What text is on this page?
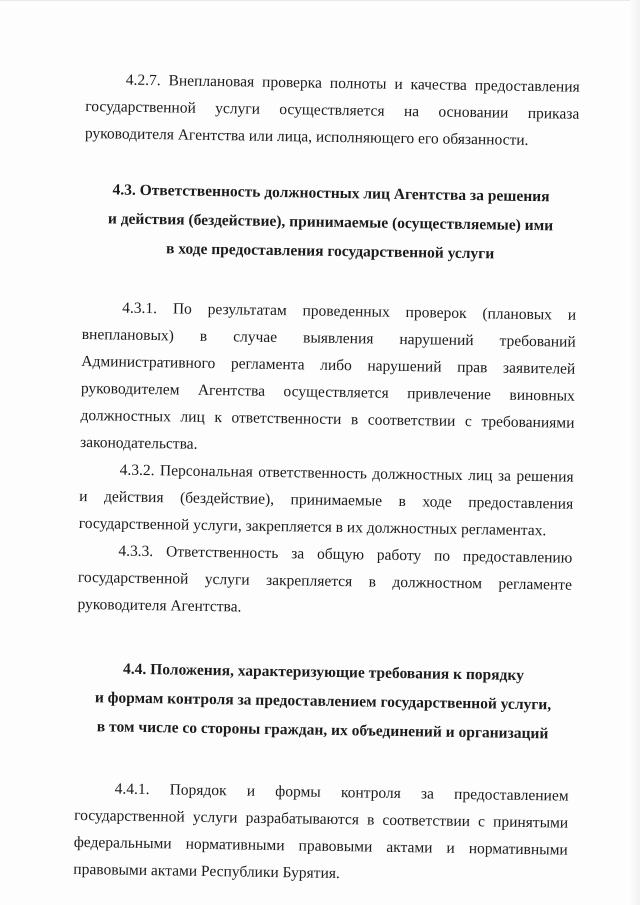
4.2.7. Внеплановая проверка полноты и качества предоставления государственной услуги осуществляется на основании приказа руководителя Агентства или лица, исполняющего его обязанности.

4.3. Ответственность должностных лиц Агентства за решения
и действия (бездействие), принимаемые (осуществляемые) ими
в ходе предоставления государственной услуги

4.3.1. По результатам проведенных проверок (плановых и внеплановых) в случае выявления нарушений требований Административного регламента либо нарушений прав заявителей руководителем Агентства осуществляется привлечение виновных должностных лиц к ответственности в соответствии с требованиями законодательства.

4.3.2. Персональная ответственность должностных лиц за решения и действия (бездействие), принимаемые в ходе предоставления государственной услуги, закрепляется в их должностных регламентах.

4.3.3. Ответственность за общую работу по предоставлению государственной услуги закрепляется в должностном регламенте руководителя Агентства.

4.4. Положения, характеризующие требования к порядку
и формам контроля за предоставлением государственной услуги,
в том числе со стороны граждан, их объединений и организаций

4.4.1. Порядок и формы контроля за предоставлением государственной услуги разрабатываются в соответствии с принятыми федеральными нормативными правовыми актами и нормативными правовыми актами Республики Бурятия.
